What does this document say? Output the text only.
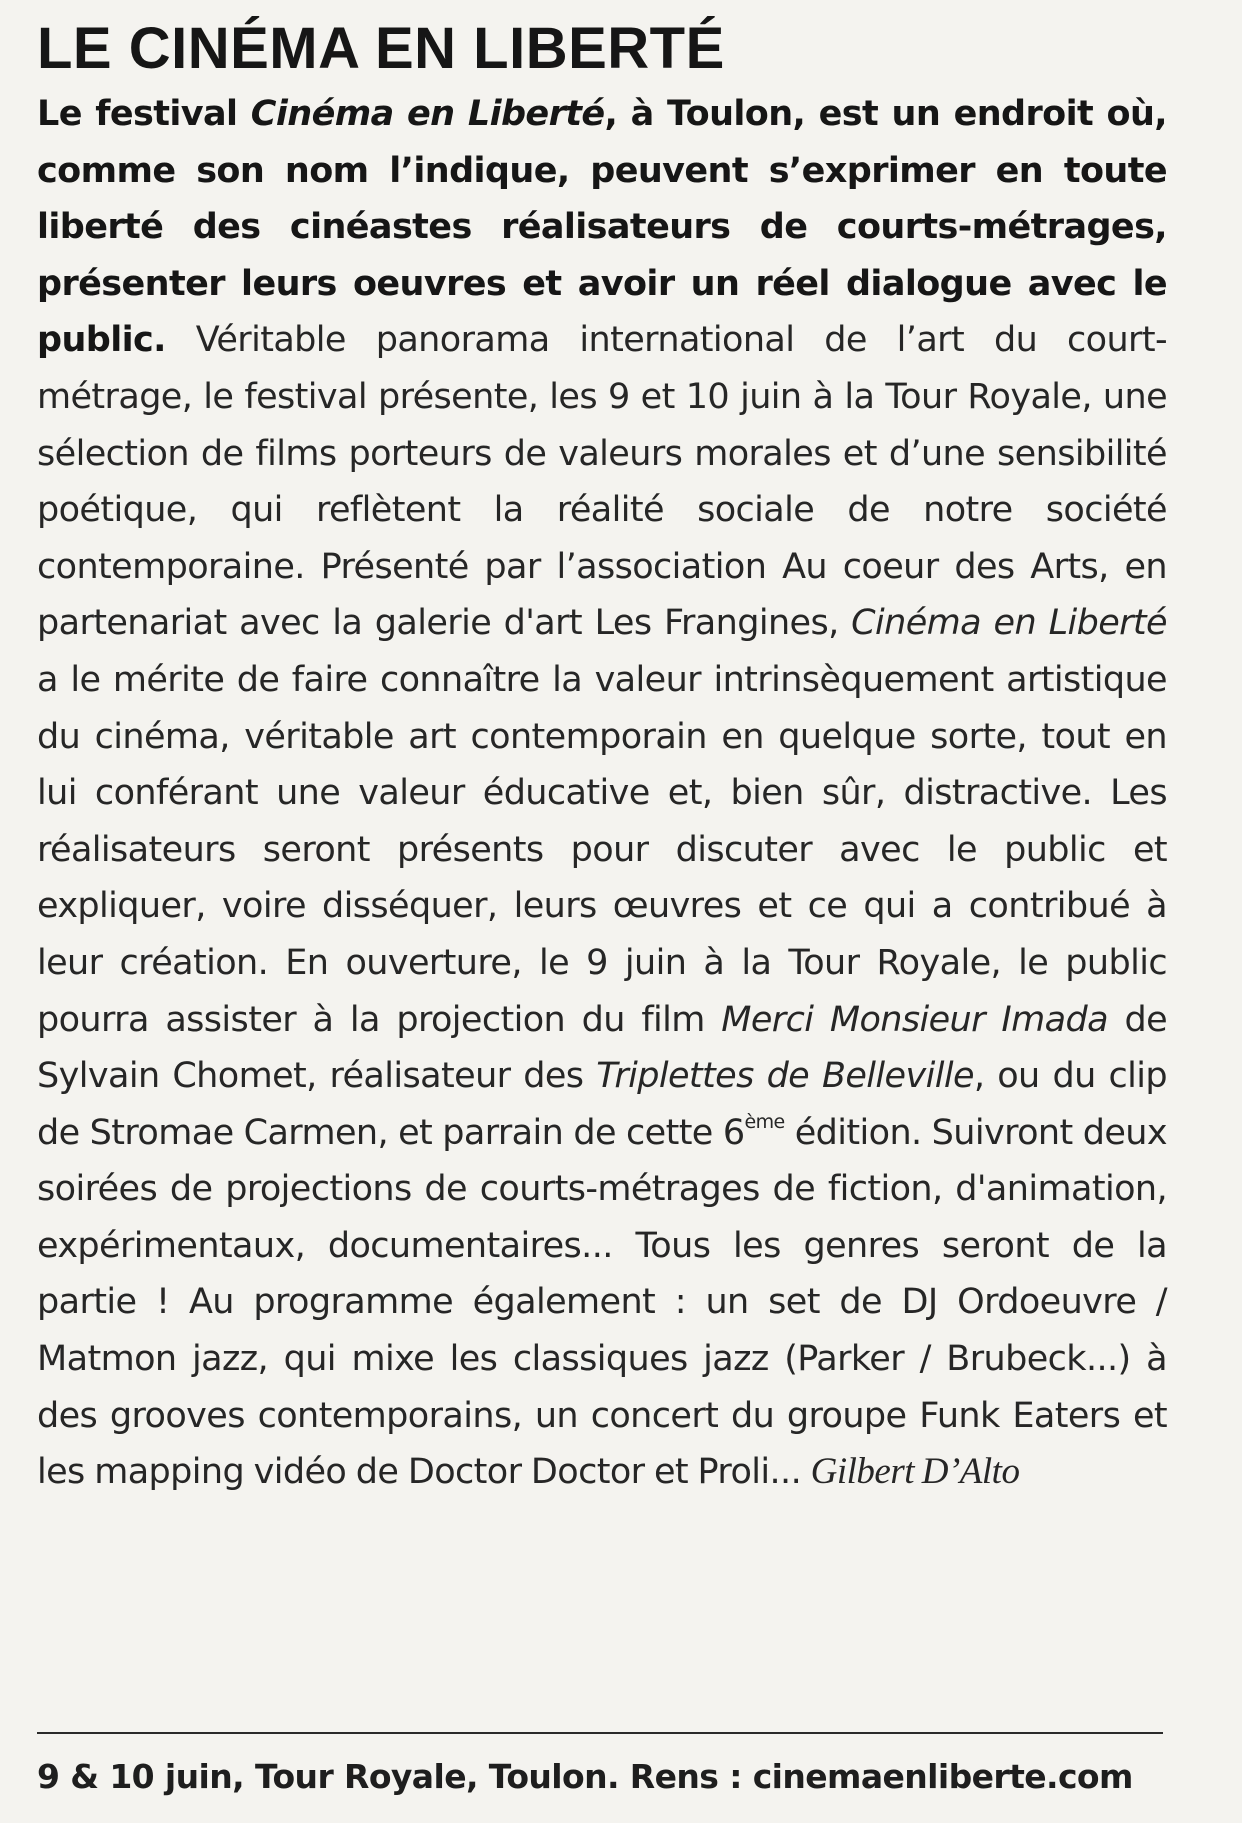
LE CINÉMA EN LIBERTÉ

Le festival Cinéma en Liberté, à Toulon, est un endroit où, comme son nom l’indique, peuvent s’exprimer en toute liberté des cinéastes réalisateurs de courts-métrages, présenter leurs oeuvres et avoir un réel dialogue avec le public. Véritable panorama international de l’art du court-métrage, le festival présente, les 9 et 10 juin à la Tour Royale, une sélection de films porteurs de valeurs morales et d’une sensibilité poétique, qui reflètent la réalité sociale de notre société contemporaine. Présenté par l’association Au coeur des Arts, en partenariat avec la galerie d'art Les Frangines, Cinéma en Liberté a le mérite de faire connaître la valeur intrinsèquement artistique du cinéma, véritable art contemporain en quelque sorte, tout en lui conférant une valeur éducative et, bien sûr, distractive. Les réalisateurs seront présents pour discuter avec le public et expliquer, voire disséquer, leurs œuvres et ce qui a contribué à leur création. En ouverture, le 9 juin à la Tour Royale, le public pourra assister à la projection du film Merci Monsieur Imada de Sylvain Chomet, réalisateur des Triplettes de Belleville, ou du clip de Stromae Carmen, et parrain de cette 6ème édition. Suivront deux soirées de projections de courts-métrages de fiction, d'animation, expérimentaux, documentaires... Tous les genres seront de la partie ! Au programme également : un set de DJ Ordoeuvre / Matmon jazz, qui mixe les classiques jazz (Parker / Brubeck...) à des grooves contemporains, un concert du groupe Funk Eaters et les mapping vidéo de Doctor Doctor et Proli... Gilbert D’Alto

9 & 10 juin, Tour Royale, Toulon. Rens : cinemaenliberte.com
